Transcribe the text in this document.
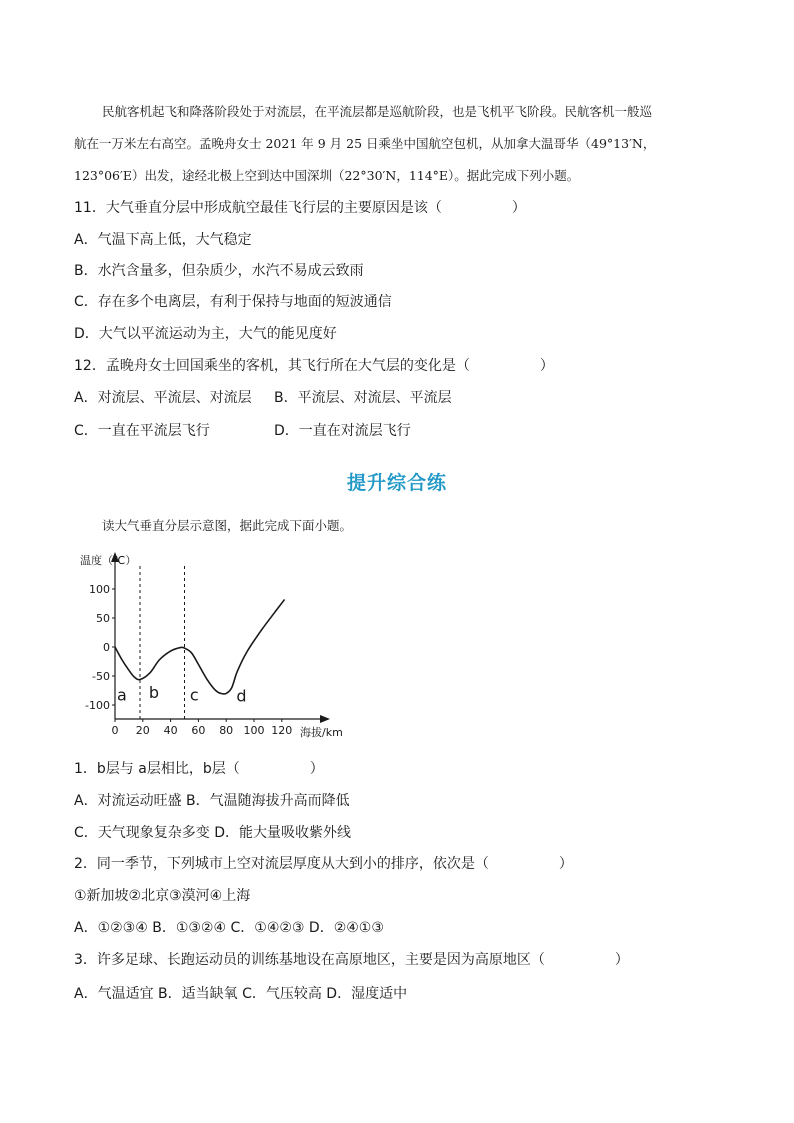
民航客机起飞和降落阶段处于对流层，在平流层都是巡航阶段，也是飞机平飞阶段。民航客机一般巡
航在一万米左右高空。孟晚舟女士 2021 年 9 月 25 日乘坐中国航空包机，从加拿大温哥华（49°13′N，
123°06′E）出发，途经北极上空到达中国深圳（22°30′N，114°E）。据此完成下列小题。
11．大气垂直分层中形成航空最佳飞行层的主要原因是该（　　　　　）
A．气温下高上低，大气稳定
B．水汽含量多，但杂质少，水汽不易成云致雨
C．存在多个电离层，有利于保持与地面的短波通信
D．大气以平流运动为主，大气的能见度好
12．孟晚舟女士回国乘坐的客机，其飞行所在大气层的变化是（　　　　　）
A．对流层、平流层、对流层 B．平流层、对流层、平流层
C．一直在平流层飞行	D．一直在对流层飞行
提升综合练
读大气垂直分层示意图，据此完成下面小题。
100
50
0
-50
-100
0 20 40 60 80 100 120
温度（℃）
海拔/km
a b c d
1．b层与 a层相比，b层（　　　　　）
A．对流运动旺盛 B．气温随海拔升高而降低
C．天气现象复杂多变 D．能大量吸收紫外线
2．同一季节，下列城市上空对流层厚度从大到小的排序，依次是（　　　　　）
①新加坡②北京③漠河④上海
A．①②③④ B．①③②④ C．①④②③ D．②④①③
3．许多足球、长跑运动员的训练基地设在高原地区，主要是因为高原地区（　　　　　）
A．气温适宜 B．适当缺氧 C．气压较高 D．湿度适中
